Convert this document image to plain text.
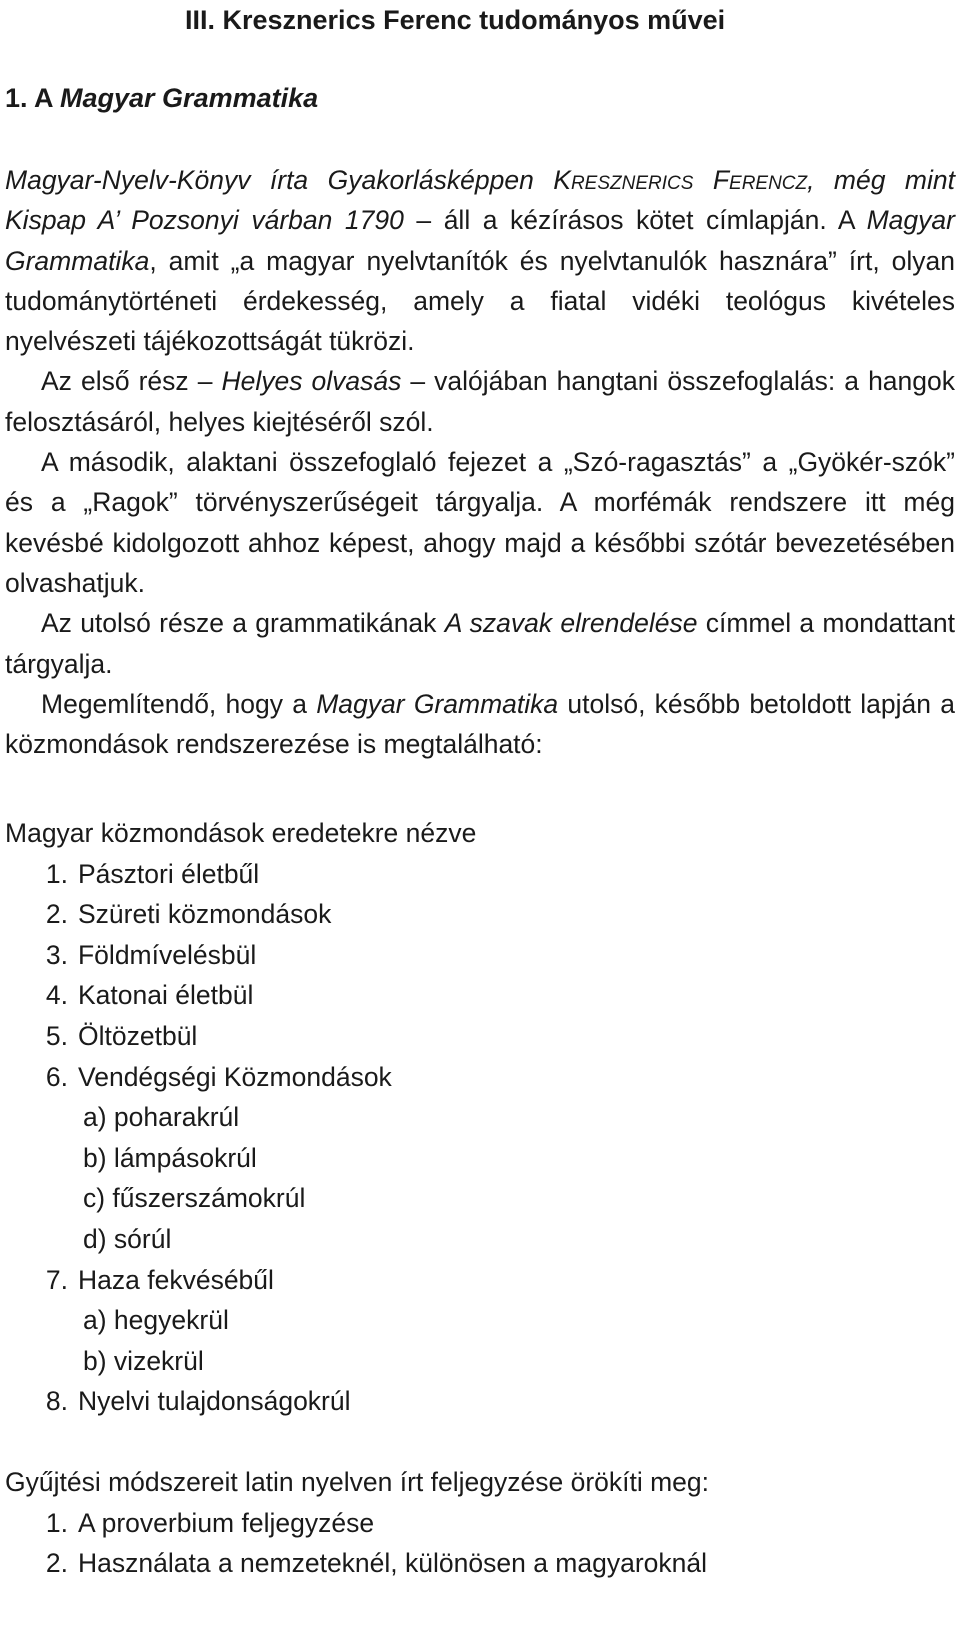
III. Kresznerics Ferenc tudományos művei
1. A Magyar Grammatika

Magyar-Nyelv-Könyv írta Gyakorlásképpen Kresznerics Ferencz, még mint Kispap A’ Pozsonyi várban 1790 – áll a kézírásos kötet címlapján. A Magyar Grammatika, amit „a magyar nyelvtanítók és nyelvtanulók hasznára” írt, olyan tudománytörténeti érdekesség, amely a fiatal vidéki teológus kivételes nyelvészeti tájékozottságát tükrözi.

Az első rész – Helyes olvasás – valójában hangtani összefoglalás: a hangok felosztásáról, helyes kiejtéséről szól.

A második, alaktani összefoglaló fejezet a „Szó-ragasztás” a „Gyökér-szók” és a „Ragok” törvényszerűségeit tárgyalja. A morfémák rendszere itt még kevésbé kidolgozott ahhoz képest, ahogy majd a későbbi szótár bevezetésében olvashatjuk.

Az utolsó része a grammatikának A szavak elrendelése címmel a mondattant tárgyalja.

Megemlítendő, hogy a Magyar Grammatika utolsó, később betoldott lapján a közmondások rendszerezése is megtalálható:

Magyar közmondások eredetekre nézve

1. Pásztori életbűl
2. Szüreti közmondások
3. Földmívelésbül
4. Katonai életbül
5. Öltözetbül
6. Vendégségi Közmondások
a) poharakrúl
b) lámpásokrúl
c) fűszerszámokrúl
d) sórúl
7. Haza fekvésébűl
a) hegyekrül
b) vizekrül
8. Nyelvi tulajdonságokrúl

Gyűjtési módszereit latin nyelven írt feljegyzése örökíti meg:

1. A proverbium feljegyzése
2. Használata a nemzeteknél, különösen a magyaroknál
